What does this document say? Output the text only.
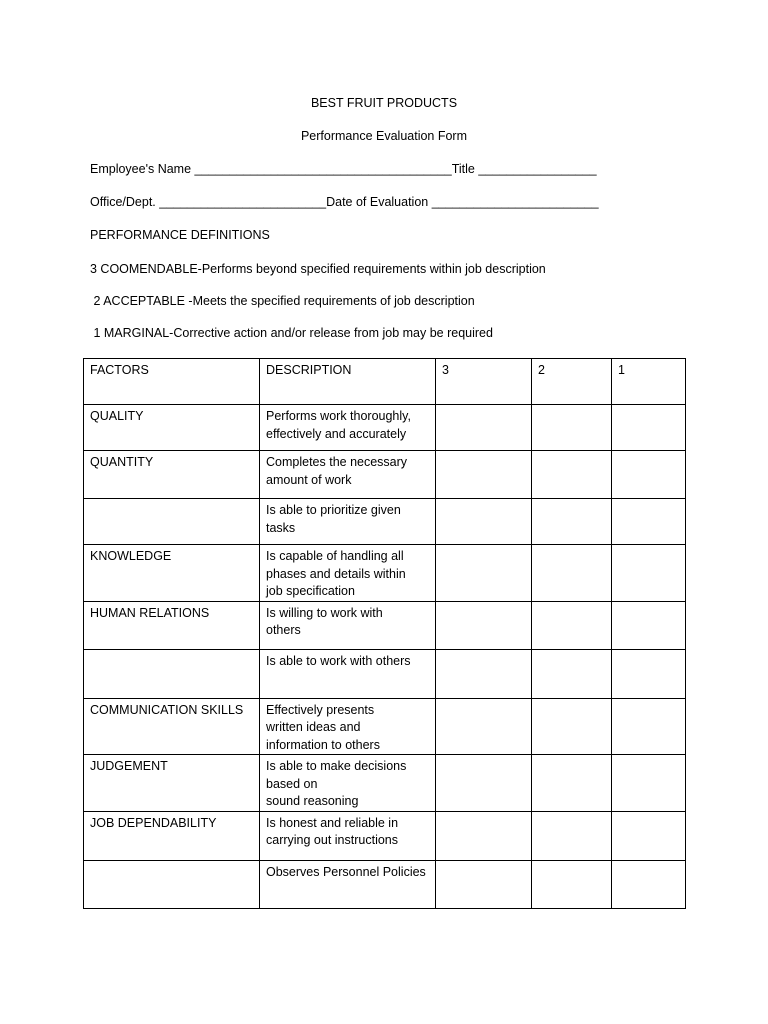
BEST FRUIT PRODUCTS
Performance Evaluation Form
Employee's Name _____________________________________Title _________________
Office/Dept. ________________________Date of Evaluation ________________________
PERFORMANCE DEFINITIONS
3 COOMENDABLE-Performs beyond specified requirements within job description
2 ACCEPTABLE -Meets the specified requirements of job description
1 MARGINAL-Corrective action and/or release from job may be required
FACTORS	DESCRIPTION	3	2	1
QUALITY	Performs work thoroughly,
effectively and accurately			
QUANTITY	Completes the necessary
amount of work			
	Is able to prioritize given
tasks			
KNOWLEDGE	Is capable of handling all
phases and details within
job specification			
HUMAN RELATIONS	Is willing to work with
others			
	Is able to work with others			
COMMUNICATION SKILLS	Effectively presents
written ideas and
information to others			
JUDGEMENT	Is able to make decisions
based on
sound reasoning			
JOB DEPENDABILITY	Is honest and reliable in
carrying out instructions			
	Observes Personnel Policies			
